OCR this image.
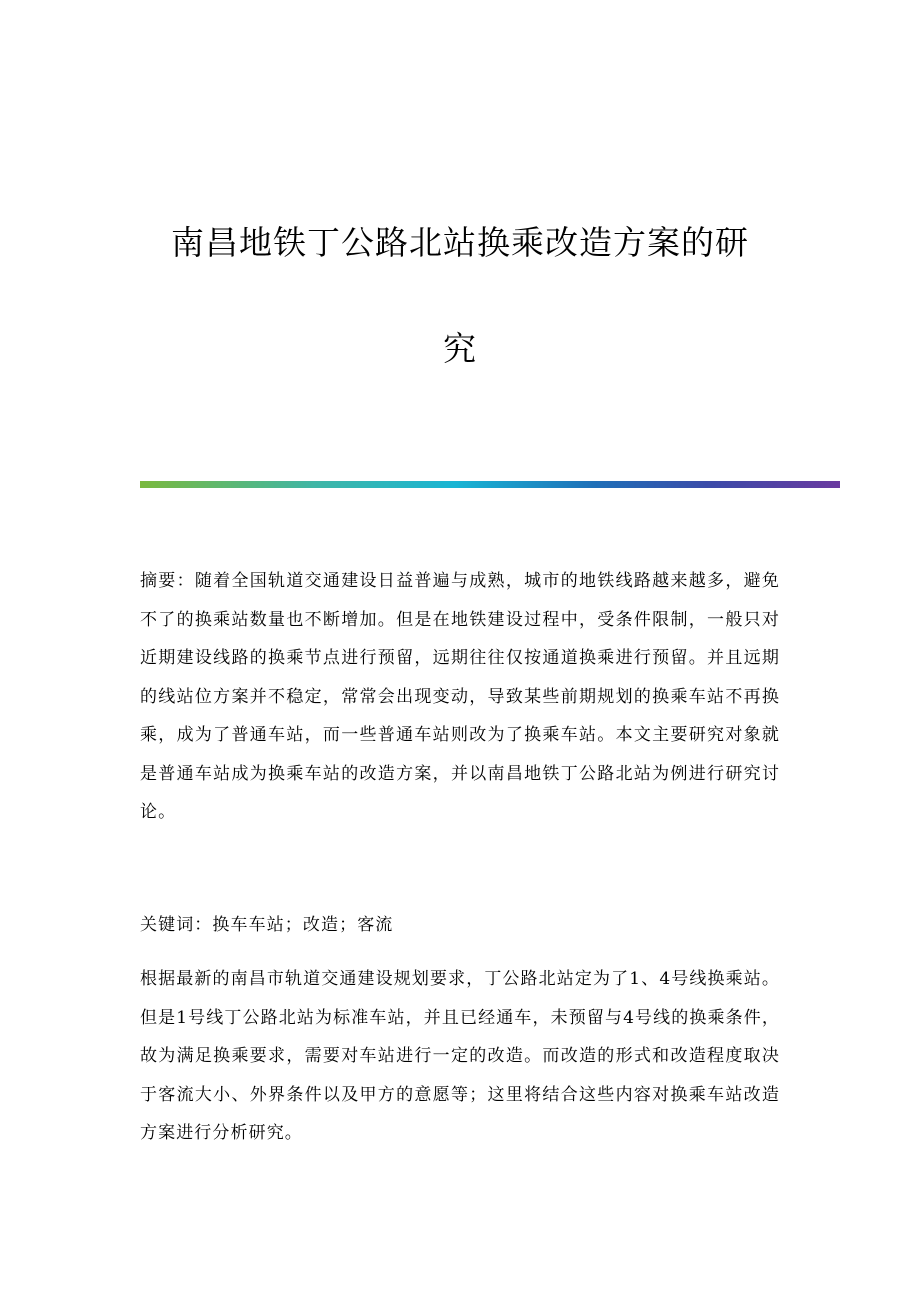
南昌地铁丁公路北站换乘改造方案的研
究

摘要：随着全国轨道交通建设日益普遍与成熟，城市的地铁线路越来越多，避免不了的换乘站数量也不断增加。但是在地铁建设过程中，受条件限制，一般只对近期建设线路的换乘节点进行预留，远期往往仅按通道换乘进行预留。并且远期的线站位方案并不稳定，常常会出现变动，导致某些前期规划的换乘车站不再换乘，成为了普通车站，而一些普通车站则改为了换乘车站。本文主要研究对象就是普通车站成为换乘车站的改造方案，并以南昌地铁丁公路北站为例进行研究讨论。

关键词：换车车站；改造；客流

根据最新的南昌市轨道交通建设规划要求，丁公路北站定为了1、4号线换乘站。但是1号线丁公路北站为标准车站，并且已经通车，未预留与4号线的换乘条件，故为满足换乘要求，需要对车站进行一定的改造。而改造的形式和改造程度取决于客流大小、外界条件以及甲方的意愿等；这里将结合这些内容对换乘车站改造方案进行分析研究。
